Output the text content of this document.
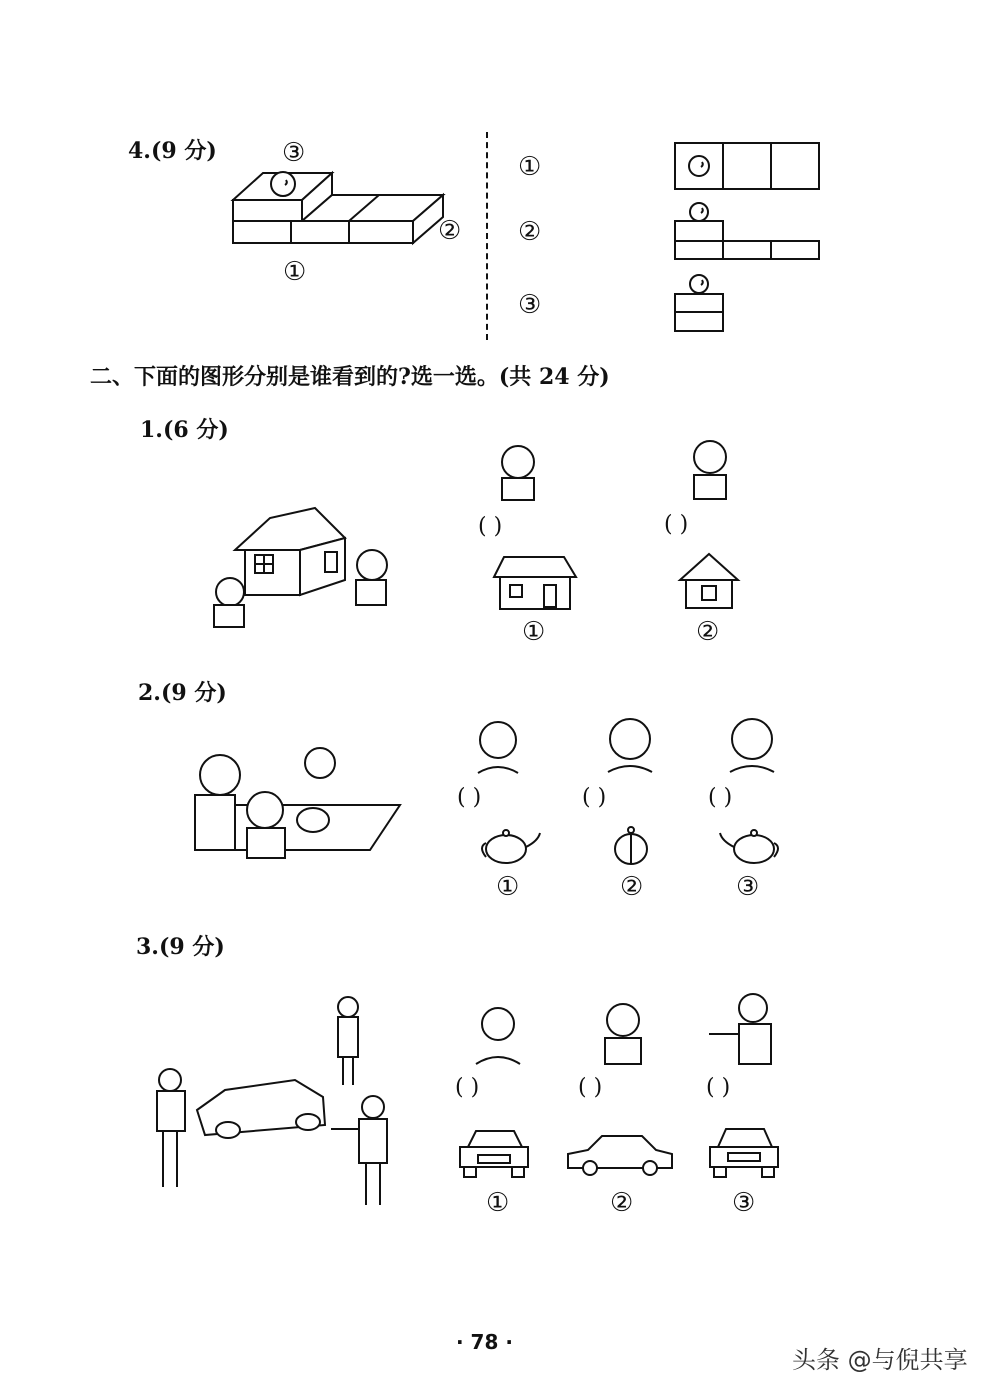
4.(9 分)	③
②
①
①
②
③
二、下面的图形分别是谁看到的?选一选。(共 24 分)
1.(6 分)
( )	( )
①	②
2.(9 分)
( )	( )	( )
①	②	③
3.(9 分)
( )	( )	( )
①	②	③
· 78 ·
头条 @与倪共享
